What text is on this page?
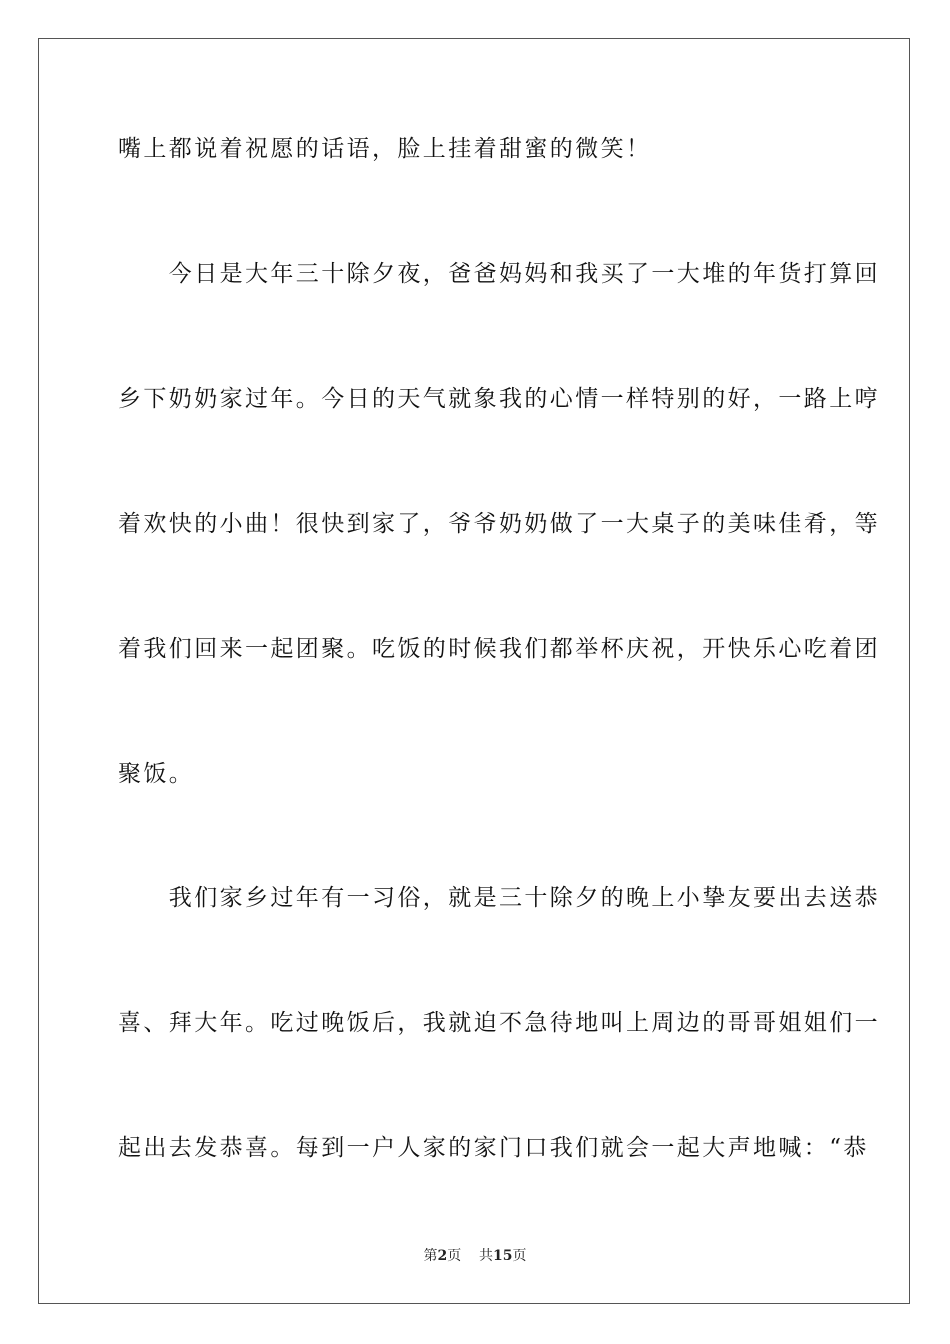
嘴上都说着祝愿的话语，脸上挂着甜蜜的微笑！
　　今日是大年三十除夕夜，爸爸妈妈和我买了一大堆的年货打算回
乡下奶奶家过年。今日的天气就象我的心情一样特别的好，一路上哼
着欢快的小曲！很快到家了，爷爷奶奶做了一大桌子的美味佳肴，等
着我们回来一起团聚。吃饭的时候我们都举杯庆祝，开快乐心吃着团
聚饭。
　　我们家乡过年有一习俗，就是三十除夕的晚上小挚友要出去送恭
喜、拜大年。吃过晚饭后，我就迫不急待地叫上周边的哥哥姐姐们一
起出去发恭喜。每到一户人家的家门口我们就会一起大声地喊：“恭
第2页 共15页
